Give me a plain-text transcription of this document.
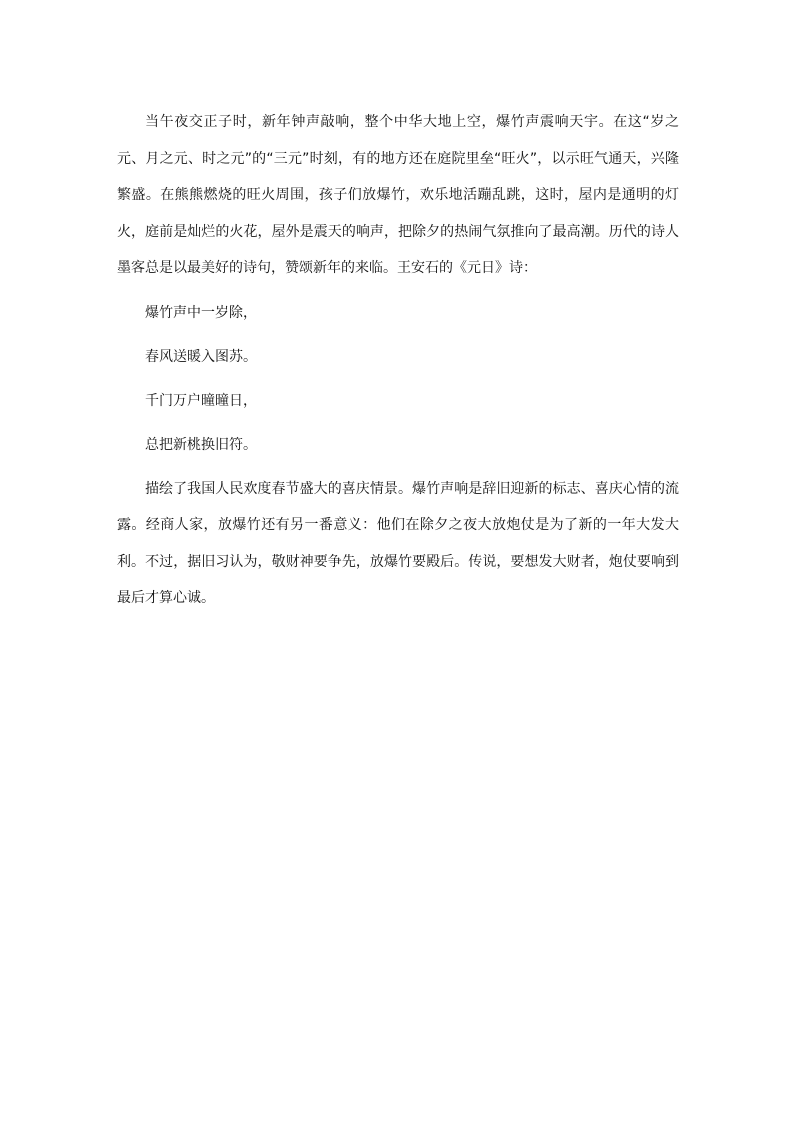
当午夜交正子时，新年钟声敲响，整个中华大地上空，爆竹声震响天宇。在这“岁之元、月之元、时之元”的“三元”时刻，有的地方还在庭院里垒“旺火”，以示旺气通天，兴隆繁盛。在熊熊燃烧的旺火周围，孩子们放爆竹，欢乐地活蹦乱跳，这时，屋内是通明的灯火，庭前是灿烂的火花，屋外是震天的响声，把除夕的热闹气氛推向了最高潮。历代的诗人墨客总是以最美好的诗句，赞颂新年的来临。王安石的《元日》诗：

爆竹声中一岁除，

春风送暖入图苏。

千门万户曈曈日，

总把新桃换旧符。

描绘了我国人民欢度春节盛大的喜庆情景。爆竹声响是辞旧迎新的标志、喜庆心情的流露。经商人家，放爆竹还有另一番意义：他们在除夕之夜大放炮仗是为了新的一年大发大利。不过，据旧习认为，敬财神要争先，放爆竹要殿后。传说，要想发大财者，炮仗要响到最后才算心诚。
